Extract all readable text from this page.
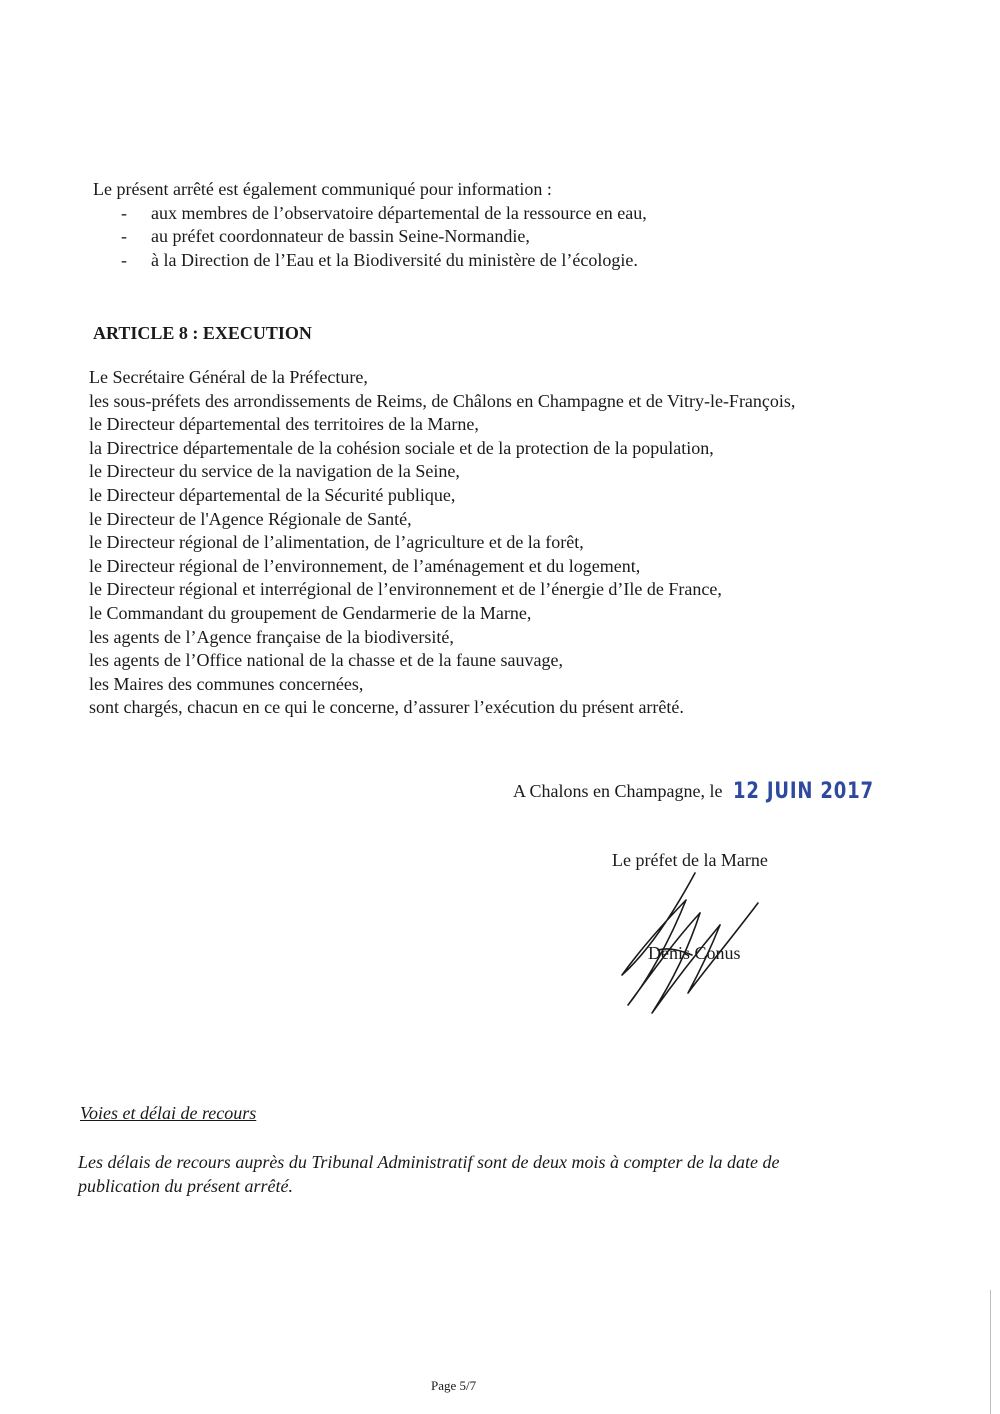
Le présent arrêté est également communiqué pour information :
- aux membres de l’observatoire départemental de la ressource en eau,
- au préfet coordonnateur de bassin Seine-Normandie,
- à la Direction de l’Eau et la Biodiversité du ministère de l’écologie.
ARTICLE 8 : EXECUTION
Le Secrétaire Général de la Préfecture,
les sous-préfets des arrondissements de Reims, de Châlons en Champagne et de Vitry-le-François,
le Directeur départemental des territoires de la Marne,
la Directrice départementale de la cohésion sociale et de la protection de la population,
le Directeur du service de la navigation de la Seine,
le Directeur départemental de la Sécurité publique,
le Directeur de l'Agence Régionale de Santé,
le Directeur régional de l’alimentation, de l’agriculture et de la forêt,
le Directeur régional de l’environnement, de l’aménagement et du logement,
le Directeur régional et interrégional de l’environnement et de l’énergie d’Ile de France,
le Commandant du groupement de Gendarmerie de la Marne,
les agents de l’Agence française de la biodiversité,
les agents de l’Office national de la chasse et de la faune sauvage,
les Maires des communes concernées,
sont chargés, chacun en ce qui le concerne, d’assurer l’exécution du présent arrêté.
A Chalons en Champagne, le 12 JUIN 2017
Le préfet de la Marne
Denis Conus
Voies et délai de recours
Les délais de recours auprès du Tribunal Administratif sont de deux mois à compter de la date de
publication du présent arrêté.
Page 5/7
